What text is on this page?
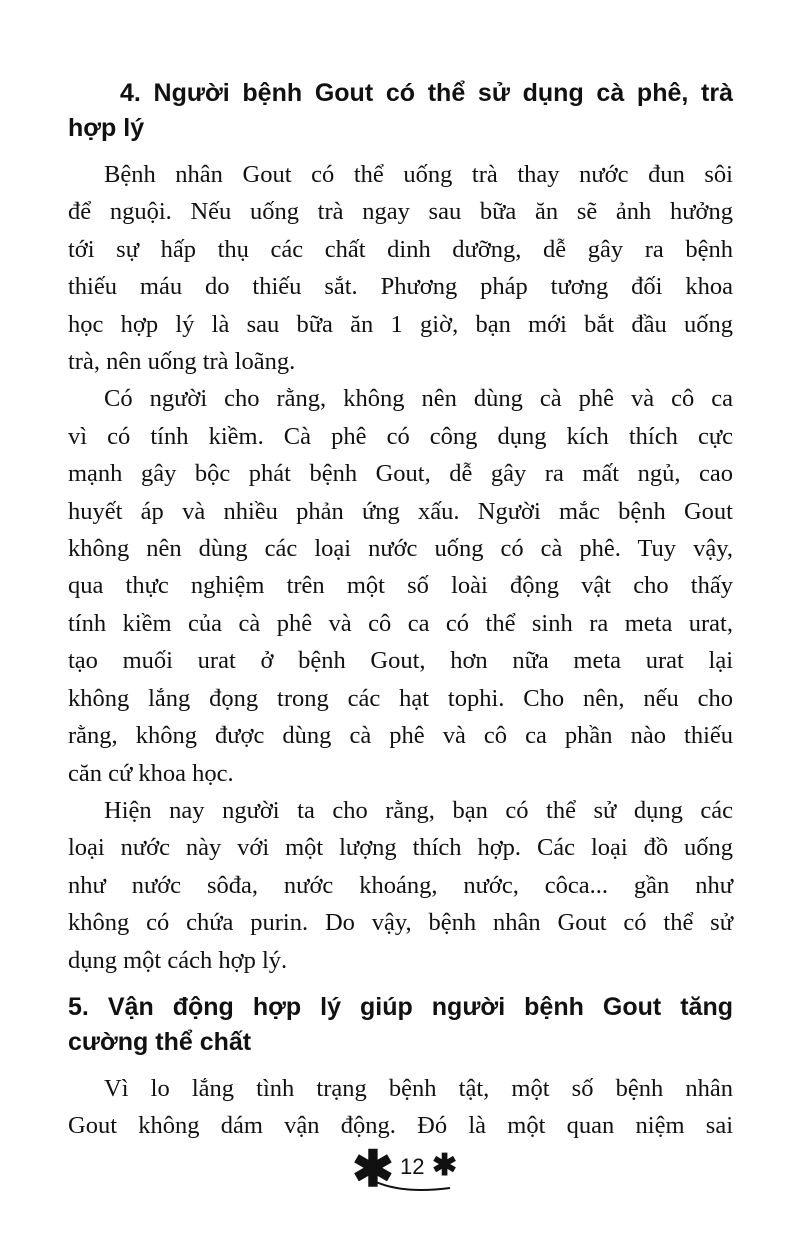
4. Người bệnh Gout có thể sử dụng cà phê, trà
hợp lý
Bệnh nhân Gout có thể uống trà thay nước đun sôi
để nguội. Nếu uống trà ngay sau bữa ăn sẽ ảnh hưởng
tới sự hấp thụ các chất dinh dưỡng, dễ gây ra bệnh
thiếu máu do thiếu sắt. Phương pháp tương đối khoa
học hợp lý là sau bữa ăn 1 giờ, bạn mới bắt đầu uống
trà, nên uống trà loãng.
Có người cho rằng, không nên dùng cà phê và cô ca
vì có tính kiềm. Cà phê có công dụng kích thích cực
mạnh gây bộc phát bệnh Gout, dễ gây ra mất ngủ, cao
huyết áp và nhiều phản ứng xấu. Người mắc bệnh Gout
không nên dùng các loại nước uống có cà phê. Tuy vậy,
qua thực nghiệm trên một số loài động vật cho thấy
tính kiềm của cà phê và cô ca có thể sinh ra meta urat,
tạo muối urat ở bệnh Gout, hơn nữa meta urat lại
không lắng đọng trong các hạt tophi. Cho nên, nếu cho
rằng, không được dùng cà phê và cô ca phần nào thiếu
căn cứ khoa học.
Hiện nay người ta cho rằng, bạn có thể sử dụng các
loại nước này với một lượng thích hợp. Các loại đồ uống
như nước sôđa, nước khoáng, nước, côca... gần như
không có chứa purin. Do vậy, bệnh nhân Gout có thể sử
dụng một cách hợp lý.
5. Vận động hợp lý giúp người bệnh Gout tăng
cường thể chất
Vì lo lắng tình trạng bệnh tật, một số bệnh nhân
Gout không dám vận động. Đó là một quan niệm sai
✱ 12 ✱
